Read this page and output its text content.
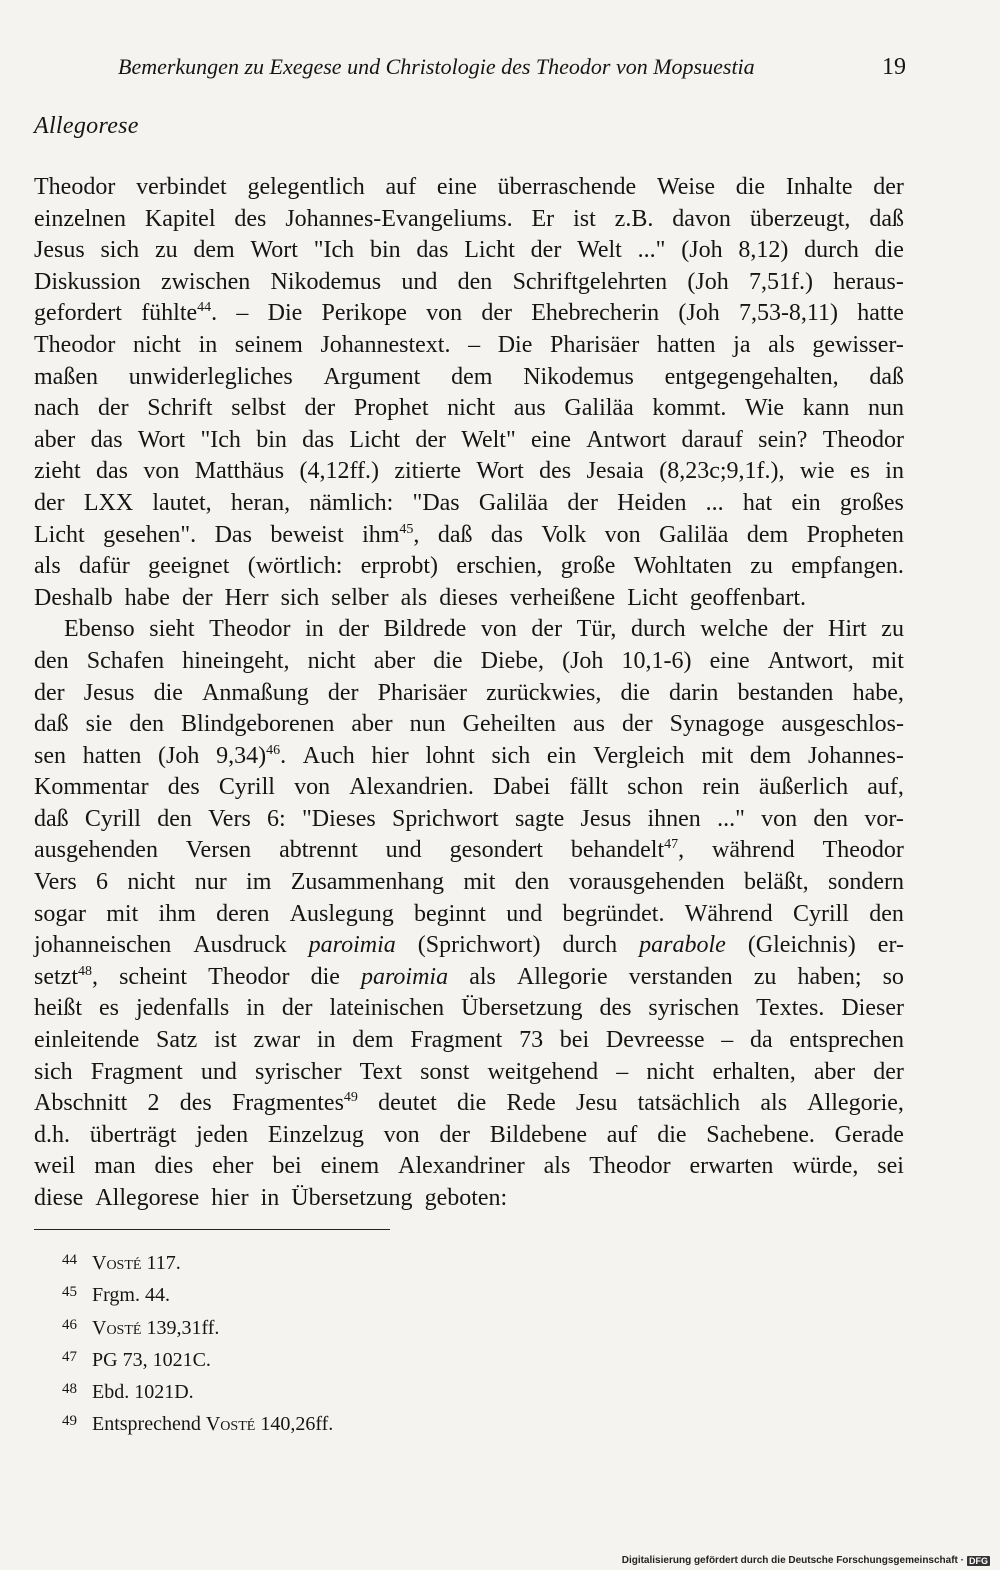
Bemerkungen zu Exegese und Christologie des Theodor von Mopsuestia	19
Allegorese
Theodor verbindet gelegentlich auf eine überraschende Weise die Inhalte der
einzelnen Kapitel des Johannes-Evangeliums. Er ist z.B. davon überzeugt, daß
Jesus sich zu dem Wort "Ich bin das Licht der Welt ..." (Joh 8,12) durch die
Diskussion zwischen Nikodemus und den Schriftgelehrten (Joh 7,51f.) heraus-
gefordert fühlte$^{44}$. – Die Perikope von der Ehebrecherin (Joh 7,53-8,11) hatte
Theodor nicht in seinem Johannestext. – Die Pharisäer hatten ja als gewisser-
maßen unwiderlegliches Argument dem Nikodemus entgegengehalten, daß
nach der Schrift selbst der Prophet nicht aus Galiläa kommt. Wie kann nun
aber das Wort "Ich bin das Licht der Welt" eine Antwort darauf sein? Theodor
zieht das von Matthäus (4,12ff.) zitierte Wort des Jesaia (8,23c;9,1f.), wie es in
der LXX lautet, heran, nämlich: "Das Galiläa der Heiden ... hat ein großes
Licht gesehen". Das beweist ihm$^{45}$, daß das Volk von Galiläa dem Propheten
als dafür geeignet (wörtlich: erprobt) erschien, große Wohltaten zu empfangen.
Deshalb habe der Herr sich selber als dieses verheißene Licht geoffenbart.
Ebenso sieht Theodor in der Bildrede von der Tür, durch welche der Hirt zu
den Schafen hineingeht, nicht aber die Diebe, (Joh 10,1-6) eine Antwort, mit
der Jesus die Anmaßung der Pharisäer zurückwies, die darin bestanden habe,
daß sie den Blindgeborenen aber nun Geheilten aus der Synagoge ausgeschlos-
sen hatten (Joh 9,34)$^{46}$. Auch hier lohnt sich ein Vergleich mit dem Johannes-
Kommentar des Cyrill von Alexandrien. Dabei fällt schon rein äußerlich auf,
daß Cyrill den Vers 6: "Dieses Sprichwort sagte Jesus ihnen ..." von den vor-
ausgehenden Versen abtrennt und gesondert behandelt$^{47}$, während Theodor
Vers 6 nicht nur im Zusammenhang mit den vorausgehenden beläßt, sondern
sogar mit ihm deren Auslegung beginnt und begründet. Während Cyrill den
johanneischen Ausdruck paroimia (Sprichwort) durch parabole (Gleichnis) er-
setzt$^{48}$, scheint Theodor die paroimia als Allegorie verstanden zu haben; so
heißt es jedenfalls in der lateinischen Übersetzung des syrischen Textes. Dieser
einleitende Satz ist zwar in dem Fragment 73 bei Devreesse – da entsprechen
sich Fragment und syrischer Text sonst weitgehend – nicht erhalten, aber der
Abschnitt 2 des Fragmentes$^{49}$ deutet die Rede Jesu tatsächlich als Allegorie,
d.h. überträgt jeden Einzelzug von der Bildebene auf die Sachebene. Gerade
weil man dies eher bei einem Alexandriner als Theodor erwarten würde, sei
diese Allegorese hier in Übersetzung geboten:
44 Vosté 117.
45 Frgm. 44.
46 Vosté 139,31ff.
47 PG 73, 1021C.
48 Ebd. 1021D.
49 Entsprechend Vosté 140,26ff.
Digitalisierung gefördert durch die Deutsche Forschungsgemeinschaft · DFG
